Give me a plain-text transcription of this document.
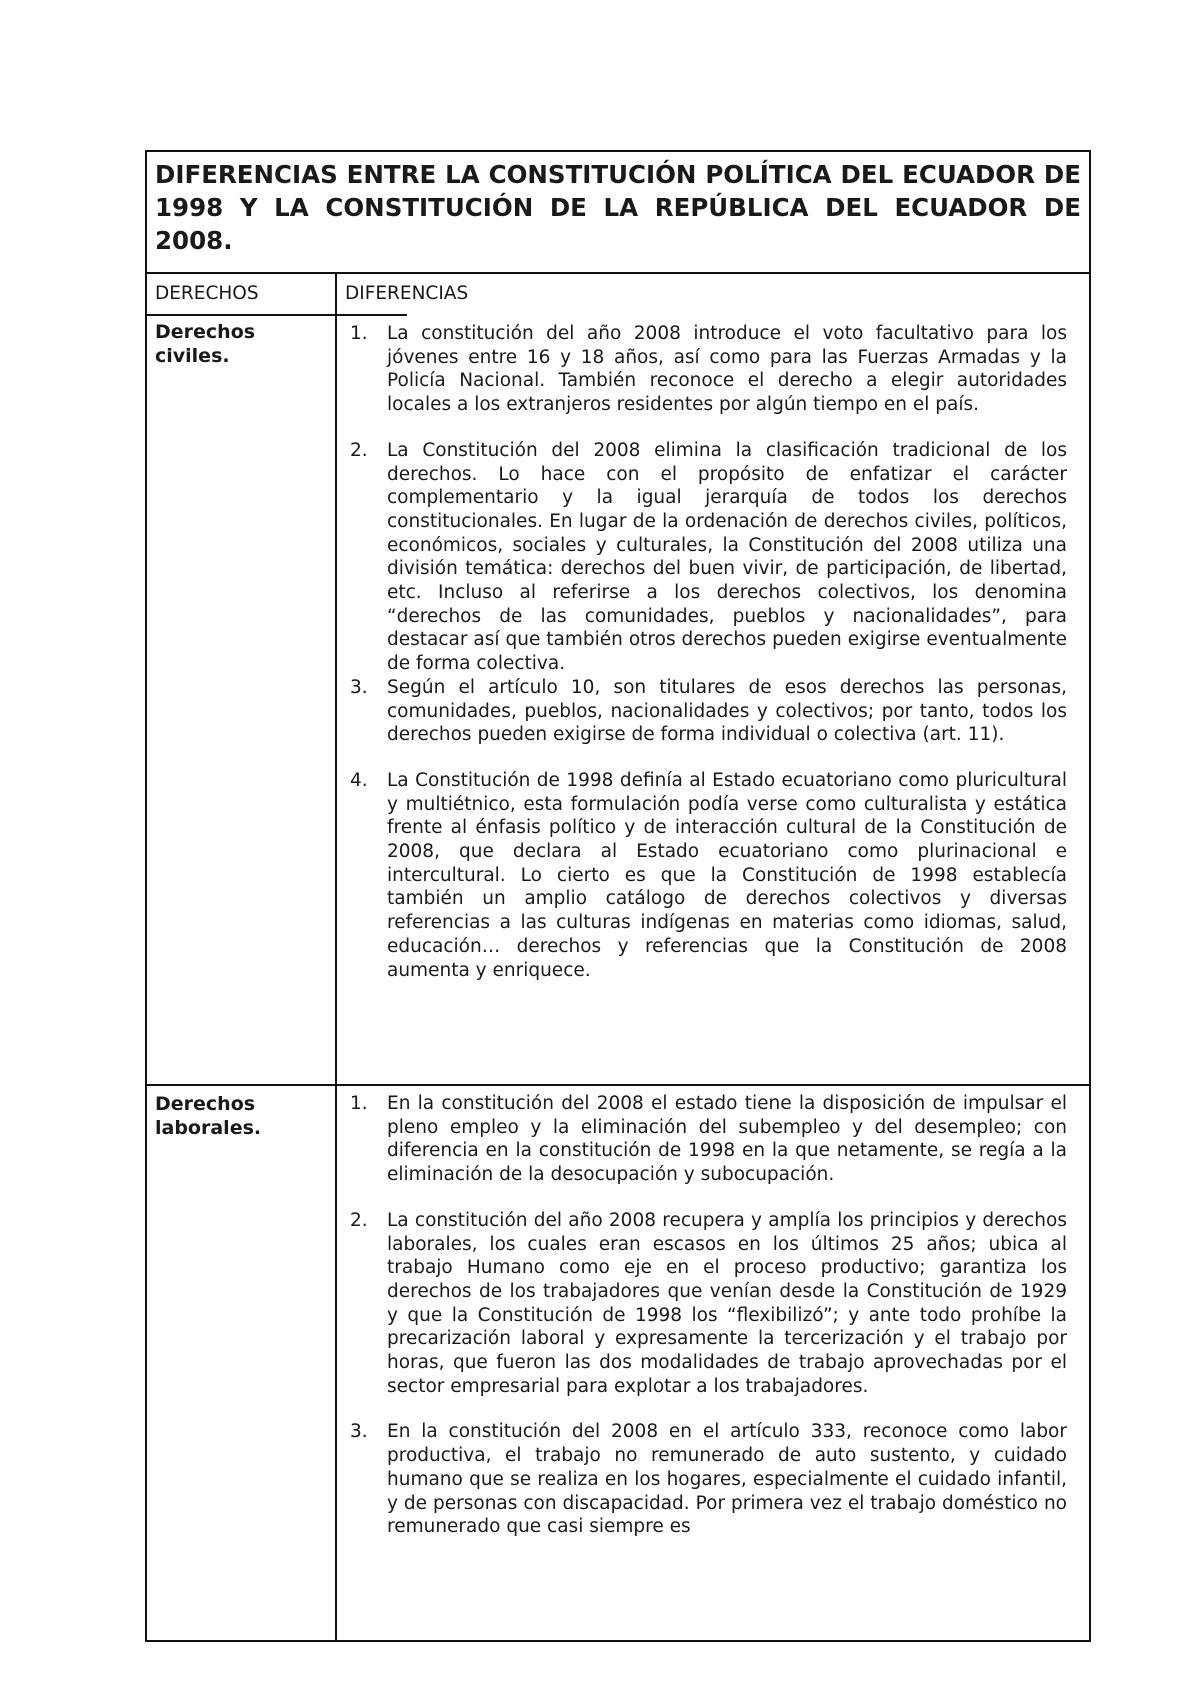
DIFERENCIAS ENTRE LA CONSTITUCIÓN POLÍTICA DEL ECUADOR DE 1998 Y LA CONSTITUCIÓN DE LA REPÚBLICA DEL ECUADOR DE 2008.

DERECHOS	DIFERENCIAS
Derechos civiles.
1. La constitución del año 2008 introduce el voto facultativo para los jóvenes entre 16 y 18 años, así como para las Fuerzas Armadas y la Policía Nacional. También reconoce el derecho a elegir autoridades locales a los extranjeros residentes por algún tiempo en el país.
2. La Constitución del 2008 elimina la clasificación tradicional de los derechos. Lo hace con el propósito de enfatizar el carácter complementario y la igual jerarquía de todos los derechos constitucionales. En lugar de la ordenación de derechos civiles, políticos, económicos, sociales y culturales, la Constitución del 2008 utiliza una división temática: derechos del buen vivir, de participación, de libertad, etc. Incluso al referirse a los derechos colectivos, los denomina “derechos de las comunidades, pueblos y nacionalidades”, para destacar así que también otros derechos pueden exigirse eventualmente de forma colectiva.
3. Según el artículo 10, son titulares de esos derechos las personas, comunidades, pueblos, nacionalidades y colectivos; por tanto, todos los derechos pueden exigirse de forma individual o colectiva (art. 11).
4. La Constitución de 1998 definía al Estado ecuatoriano como pluricultural y multiétnico, esta formulación podía verse como culturalista y estática frente al énfasis político y de interacción cultural de la Constitución de 2008, que declara al Estado ecuatoriano como plurinacional e intercultural. Lo cierto es que la Constitución de 1998 establecía también un amplio catálogo de derechos colectivos y diversas referencias a las culturas indígenas en materias como idiomas, salud, educación… derechos y referencias que la Constitución de 2008 aumenta y enriquece.
Derechos laborales.
1. En la constitución del 2008 el estado tiene la disposición de impulsar el pleno empleo y la eliminación del subempleo y del desempleo; con diferencia en la constitución de 1998 en la que netamente, se regía a la eliminación de la desocupación y subocupación.
2. La constitución del año 2008 recupera y amplía los principios y derechos laborales, los cuales eran escasos en los últimos 25 años; ubica al trabajo Humano como eje en el proceso productivo; garantiza los derechos de los trabajadores que venían desde la Constitución de 1929 y que la Constitución de 1998 los “flexibilizó”; y ante todo prohíbe la precarización laboral y expresamente la tercerización y el trabajo por horas, que fueron las dos modalidades de trabajo aprovechadas por el sector empresarial para explotar a los trabajadores.
3. En la constitución del 2008 en el artículo 333, reconoce como labor productiva, el trabajo no remunerado de auto sustento, y cuidado humano que se realiza en los hogares, especialmente el cuidado infantil, y de personas con discapacidad. Por primera vez el trabajo doméstico no remunerado que casi siempre es
